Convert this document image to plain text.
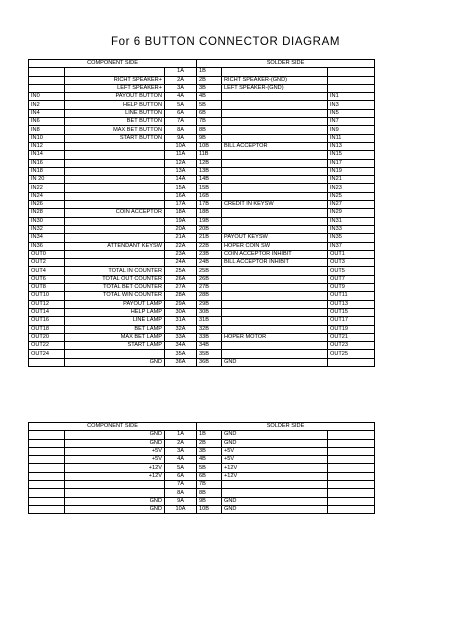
For 6 BUTTON CONNECTOR DIAGRAM
COMPONENT SIDE			SOLDER SIDE		
		1A	1B		
	RICHT SPEAKER+	2A	2B	RICHT SPEAKER-(GND)	
	LEFT SPEAKER+	3A	3B	LEFT SPEAKER-(GND)	
IN0	PAYOUT BUTTON	4A	4B		IN1
IN2	HELP BUTTON	5A	5B		IN3
IN4	LINE BUTTON	6A	6B		IN5
IN6	BET BUTTON	7A	7B		IN7
IN8	MAX BET BUTTON	8A	8B		IN9
IN10	START BUTTON	9A	9B		IN11
IN12		10A	10B	BILL ACCEPTOR	IN13
IN14		11A	11B		IN15
IN16		12A	12B		IN17
IN18		13A	13B		IN19
IN 20		14A	14B		IN21
IN22		15A	15B		IN23
IN24		16A	16B		IN25
IN26		17A	17B	CREDIT IN KEYSW	IN27
IN28	COIN ACCEPTOR	18A	18B		IN29
IN30		19A	19B		IN31
IN32		20A	20B		IN33
IN34		21A	21B	PAYOUT KEYSW	IN35
IN36	ATTENDANT KEYSW	22A	22B	HOPER COIN SW	IN37
OUT0		23A	23B	COIN ACCEPTOR INHIBIT	OUT1
OUT2		24A	24B	BILL ACCEPTOR INHIBIT	OUT3
OUT4	TOTAL IN COUNTER	25A	25B		OUT5
OUT6	TOTAL OUT COUNTER	26A	26B		OUT7
OUT8	TOTAL BET COUNTER	27A	27B		OUT9
OUT10	TOTAL WIN COUNTER	28A	28B		OUT11
OUT12	PAYOUT LAMP	29A	29B		OUT13
OUT14	HELP LAMP	30A	30B		OUT15
OUT16	LINE LAMP	31A	31B		OUT17
OUT18	BET LAMP	32A	32B		OUT19
OUT20	MAX BET LAMP	33A	33B	HOPER MOTOR	OUT21
OUT22	START LAMP	34A	34B		OUT23
OUT24		35A	35B		OUT25
	GND	36A	36B	GND	
COMPONENT SIDE			SOLDER SIDE		
	GND	1A	1B	GND	
	GND	2A	2B	GND	
	+5V	3A	3B	+5V	
	+5V	4A	4B	+5V	
	+12V	5A	5B	+12V	
	+12V	6A	6B	+12V	
		7A	7B		
		8A	8B		
	GND	9A	9B	GND	
	GND	10A	10B	GND	
